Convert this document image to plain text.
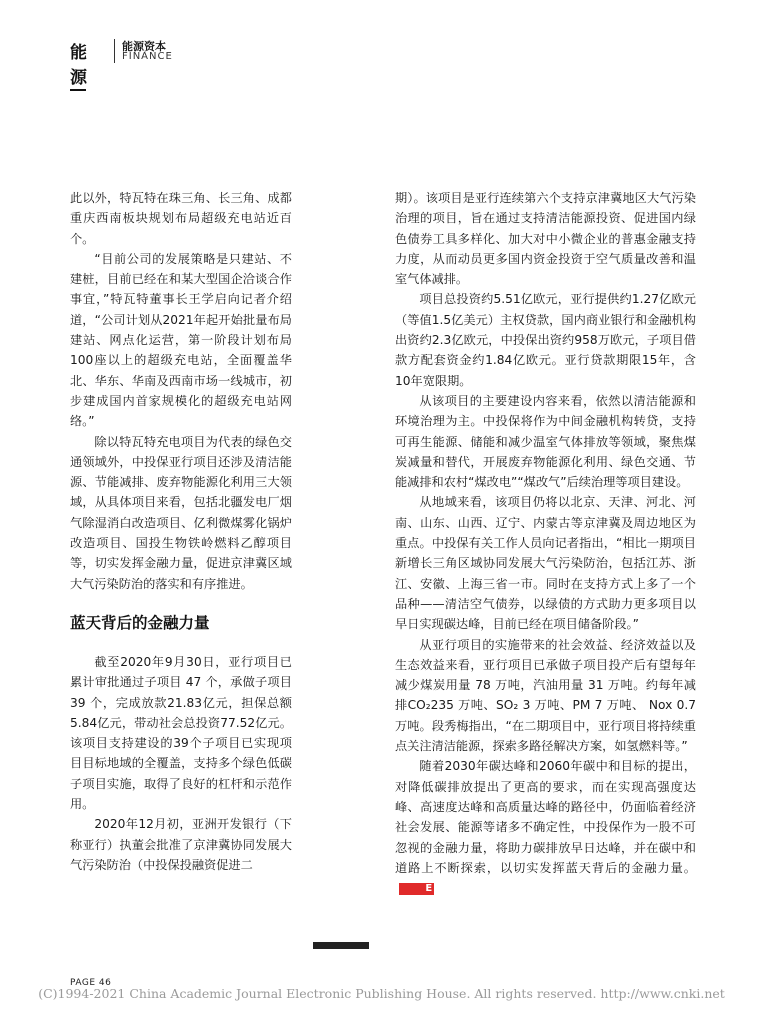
能源
能源资本
FINANCE

此以外，特瓦特在珠三角、长三角、成都重庆西南板块规划布局超级充电站近百个。

“目前公司的发展策略是只建站、不建桩，目前已经在和某大型国企洽谈合作事宜，”特瓦特董事长王学启向记者介绍道，“公司计划从2021年起开始批量布局建站、网点化运营，第一阶段计划布局100座以上的超级充电站，全面覆盖华北、华东、华南及西南市场一线城市，初步建成国内首家规模化的超级充电站网络。”

除以特瓦特充电项目为代表的绿色交通领域外，中投保亚行项目还涉及清洁能源、节能减排、废弃物能源化利用三大领域，从具体项目来看，包括北疆发电厂烟气除湿消白改造项目、亿利微煤雾化锅炉改造项目、国投生物铁岭燃料乙醇项目等，切实发挥金融力量，促进京津冀区域大气污染防治的落实和有序推进。

蓝天背后的金融力量

截至2020年9月30日，亚行项目已累计审批通过子项目 47 个，承做子项目 39 个，完成放款21.83亿元，担保总额5.84亿元，带动社会总投资77.52亿元。该项目支持建设的39个子项目已实现项目目标地域的全覆盖，支持多个绿色低碳子项目实施，取得了良好的杠杆和示范作用。

2020年12月初，亚洲开发银行（下称亚行）执董会批准了京津冀协同发展大气污染防治（中投保投融资促进二

期）。该项目是亚行连续第六个支持京津冀地区大气污染治理的项目，旨在通过支持清洁能源投资、促进国内绿色债券工具多样化、加大对中小微企业的普惠金融支持力度，从而动员更多国内资金投资于空气质量改善和温室气体减排。

项目总投资约5.51亿欧元，亚行提供约1.27亿欧元（等值1.5亿美元）主权贷款，国内商业银行和金融机构出资约2.3亿欧元，中投保出资约958万欧元，子项目借款方配套资金约1.84亿欧元。亚行贷款期限15年，含10年宽限期。

从该项目的主要建设内容来看，依然以清洁能源和环境治理为主。中投保将作为中间金融机构转贷，支持可再生能源、储能和减少温室气体排放等领域，聚焦煤炭减量和替代，开展废弃物能源化利用、绿色交通、节能减排和农村“煤改电”“煤改气”后续治理等项目建设。

从地域来看，该项目仍将以北京、天津、河北、河南、山东、山西、辽宁、内蒙古等京津冀及周边地区为重点。中投保有关工作人员向记者指出，“相比一期项目新增长三角区域协同发展大气污染防治，包括江苏、浙江、安徽、上海三省一市。同时在支持方式上多了一个品种——清洁空气债券，以绿债的方式助力更多项目以早日实现碳达峰，目前已经在项目储备阶段。”

从亚行项目的实施带来的社会效益、经济效益以及生态效益来看，亚行项目已承做子项目投产后有望每年减少煤炭用量 78 万吨，汽油用量 31 万吨。约每年减排CO₂235 万吨、SO₂ 3 万吨、PM 7 万吨、 Nox 0.7 万吨。段秀梅指出，“在二期项目中，亚行项目将持续重点关注清洁能源，探索多路径解决方案，如氢燃料等。”

随着2030年碳达峰和2060年碳中和目标的提出，对降低碳排放提出了更高的要求，而在实现高强度达峰、高速度达峰和高质量达峰的路径中，仍面临着经济社会发展、能源等诸多不确定性，中投保作为一股不可忽视的金融力量，将助力碳排放早日达峰，并在碳中和道路上不断探索，以切实发挥蓝天背后的金融力量。E

PAGE 46
(C)1994-2021 China Academic Journal Electronic Publishing House. All rights reserved. http://www.cnki.net
